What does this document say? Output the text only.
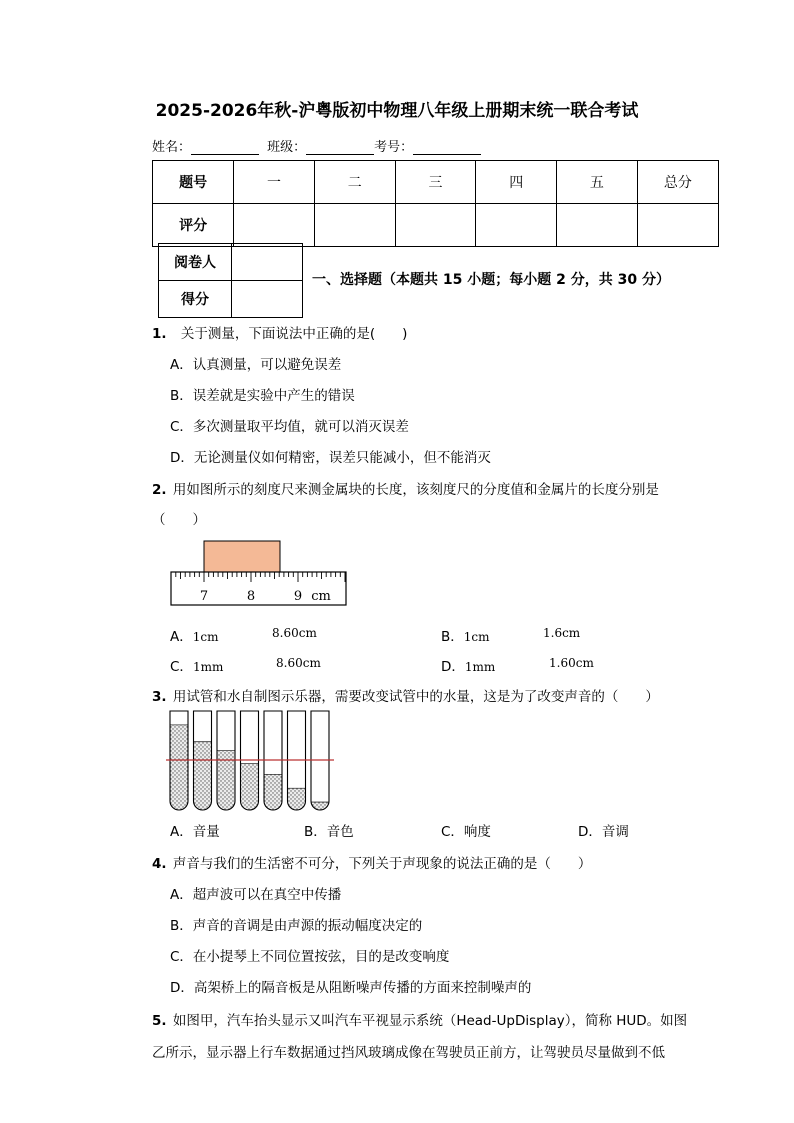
2025-2026年秋-沪粤版初中物理八年级上册期末统一联合考试
姓名：	班级：	考号：
题号	一	二	三	四	五	总分
评分						
阅卷人	
得分	
一、选择题（本题共 15 小题；每小题 2 分，共 30 分）
1. 关于测量，下面说法中正确的是(　　)
A．认真测量，可以避免误差
B．误差就是实验中产生的错误
C．多次测量取平均值，就可以消灭误差
D．无论测量仪如何精密，误差只能减小，但不能消灭
2. 用如图所示的刻度尺来测金属块的长度，该刻度尺的分度值和金属片的长度分别是
（　　）
7	8	9 cm
A．1cm	8.60cm	B．1cm	1.6cm
C．1mm	8.60cm	D．1mm	1.60cm
3. 用试管和水自制图示乐器，需要改变试管中的水量，这是为了改变声音的（　　）
A．音量	B．音色	C．响度	D．音调
4. 声音与我们的生活密不可分，下列关于声现象的说法正确的是（　　）
A．超声波可以在真空中传播
B．声音的音调是由声源的振动幅度决定的
C．在小提琴上不同位置按弦，目的是改变响度
D．高架桥上的隔音板是从阻断噪声传播的方面来控制噪声的
5. 如图甲，汽车抬头显示又叫汽车平视显示系统（Head-UpDisplay），简称 HUD。如图
乙所示，显示器上行车数据通过挡风玻璃成像在驾驶员正前方，让驾驶员尽量做到不低
